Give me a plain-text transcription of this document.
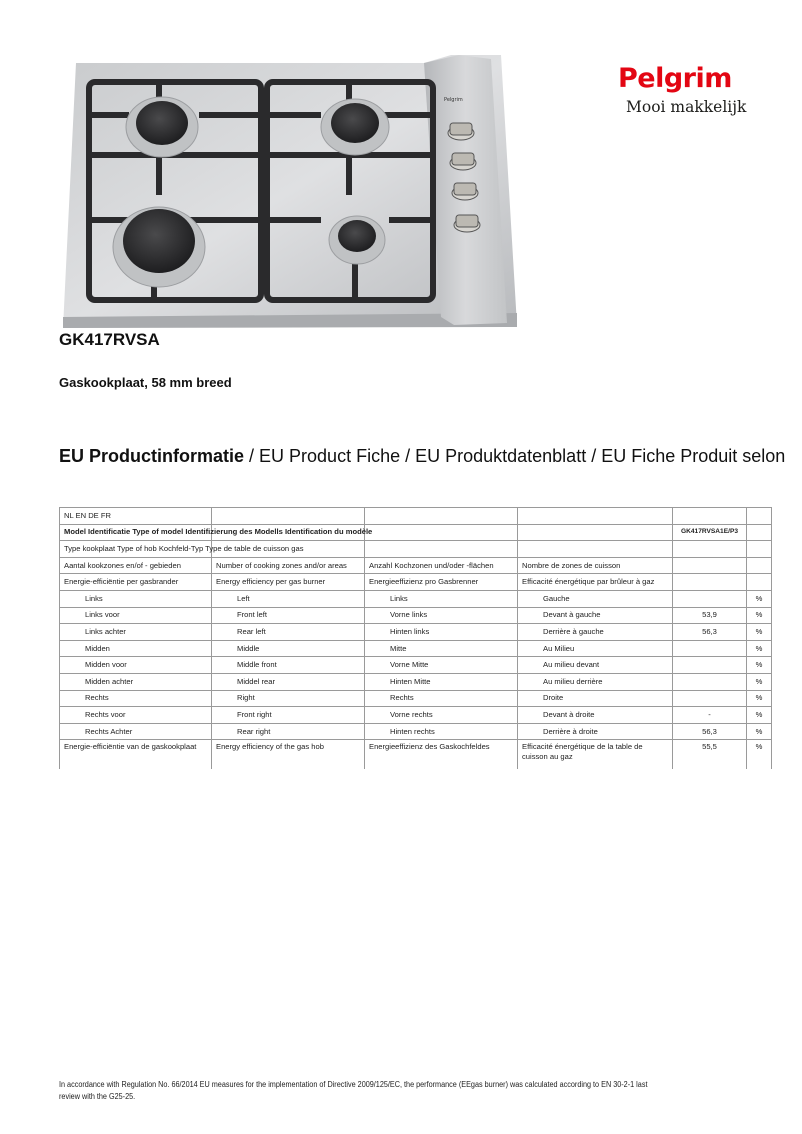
Pelgrim
Pelgrim
Mooi makkelijk
GK417RVSA
Gaskookplaat, 58 mm breed
EU Productinformatie / EU Product Fiche / EU Produktdatenblatt / EU Fiche Produit selon
NL EN DE FR					

Model Identificatie Type of model Identifizierung des Modells Identification du modèle				GK417RVSA1E/P3	

Type kookplaat Type of hob Kochfeld-Typ Type de table de cuisson gas					

Aantal kookzones en/of - gebieden	Number of cooking zones and/or areas	Anzahl Kochzonen und/oder -flächen	Nombre de zones de cuisson		
Energie-efficiëntie per gasbrander	Energy efficiency per gas burner	Energieeffizienz pro Gasbrenner	Efficacité énergétique par brûleur à gaz		
Links	Left	Links	Gauche		%
Links voor	Front left	Vorne links	Devant à gauche	53,9	%
Links achter	Rear left	Hinten links	Derrière à gauche	56,3	%
Midden	Middle	Mitte	Au Milieu		%
Midden voor	Middle front	Vorne Mitte	Au milieu devant		%
Midden achter	Middel rear	Hinten Mitte	Au milieu derrière		%
Rechts	Right	Rechts	Droite		%
Rechts voor	Front right	Vorne rechts	Devant à droite	-	%
Rechts Achter	Rear right	Hinten rechts	Derrière à droite	56,3	%
Energie-efficiëntie van de gaskookplaat	Energy efficiency of the gas hob	Energieeffizienz des Gaskochfeldes	Efficacité énergétique de la table de cuisson au gaz	55,5	%
In accordance with Regulation No. 66/2014 EU measures for the implementation of Directive 2009/125/EC, the performance (EEgas burner) was calculated according to EN 30-2-1 last review with the G25-25.
